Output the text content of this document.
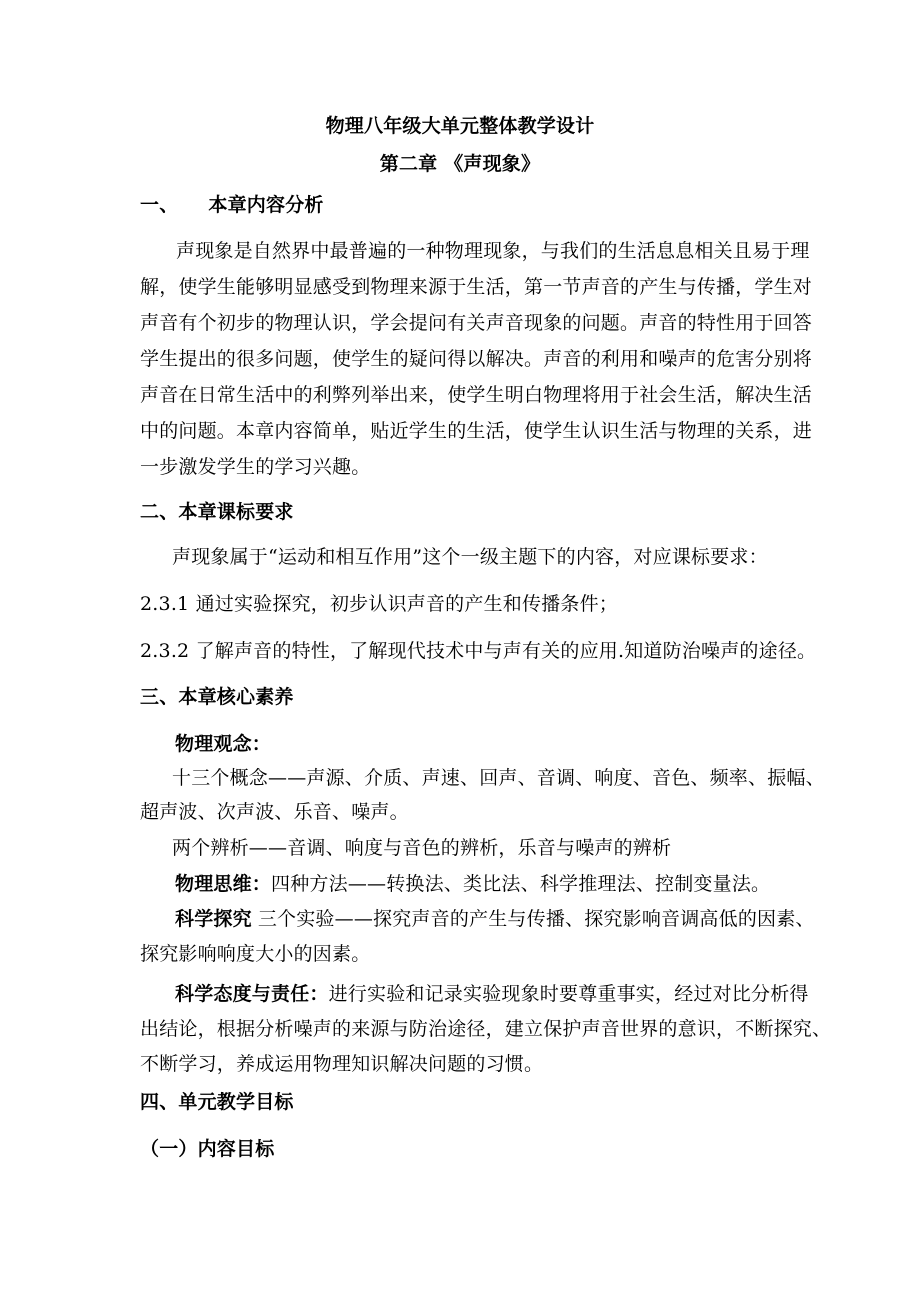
物理八年级大单元整体教学设计
第二章 《声现象》
一、 本章内容分析
声现象是自然界中最普遍的一种物理现象，与我们的生活息息相关且易于理
解，使学生能够明显感受到物理来源于生活，第一节声音的产生与传播，学生对
声音有个初步的物理认识，学会提问有关声音现象的问题。声音的特性用于回答
学生提出的很多问题，使学生的疑问得以解决。声音的利用和噪声的危害分别将
声音在日常生活中的利弊列举出来，使学生明白物理将用于社会生活，解决生活
中的问题。本章内容简单，贴近学生的生活，使学生认识生活与物理的关系，进
一步激发学生的学习兴趣。
二、本章课标要求
声现象属于“运动和相互作用”这个一级主题下的内容，对应课标要求：
2.3.1 通过实验探究，初步认识声音的产生和传播条件；
2.3.2 了解声音的特性，了解现代技术中与声有关的应用.知道防治噪声的途径。
三、本章核心素养
物理观念：
十三个概念——声源、介质、声速、回声、音调、响度、音色、频率、振幅、
超声波、次声波、乐音、噪声。
两个辨析——音调、响度与音色的辨析，乐音与噪声的辨析
物理思维：四种方法——转换法、类比法、科学推理法、控制变量法。
科学探究 三个实验——探究声音的产生与传播、探究影响音调高低的因素、
探究影响响度大小的因素。
科学态度与责任：进行实验和记录实验现象时要尊重事实，经过对比分析得
出结论，根据分析噪声的来源与防治途径，建立保护声音世界的意识，不断探究、
不断学习，养成运用物理知识解决问题的习惯。
四、单元教学目标
（一）内容目标
